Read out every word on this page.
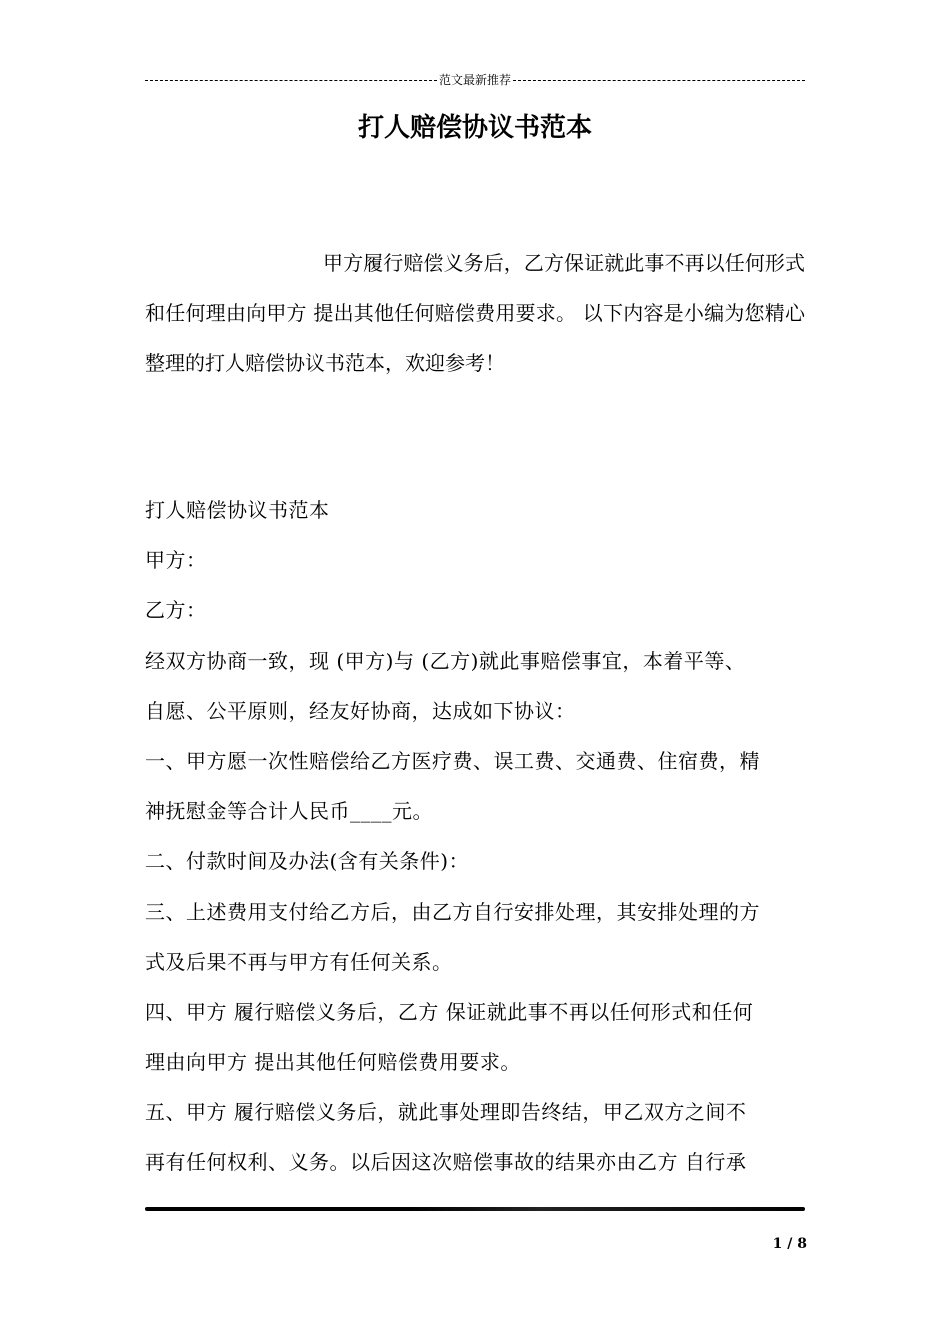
范文最新推荐
打人赔偿协议书范本
甲方履行赔偿义务后，乙方保证就此事不再以任何形式和任何理由向甲方 提出其他任何赔偿费用要求。 以下内容是小编为您精心整理的打人赔偿协议书范本，欢迎参考！
打人赔偿协议书范本
甲方：
乙方：
经双方协商一致，现 (甲方)与 (乙方)就此事赔偿事宜，本着平等、
自愿、公平原则，经友好协商，达成如下协议：
一、甲方愿一次性赔偿给乙方医疗费、误工费、交通费、住宿费，精
神抚慰金等合计人民币____元。
二、付款时间及办法(含有关条件)：
三、上述费用支付给乙方后，由乙方自行安排处理，其安排处理的方
式及后果不再与甲方有任何关系。
四、甲方 履行赔偿义务后，乙方 保证就此事不再以任何形式和任何
理由向甲方 提出其他任何赔偿费用要求。
五、甲方 履行赔偿义务后，就此事处理即告终结，甲乙双方之间不
再有任何权利、义务。以后因这次赔偿事故的结果亦由乙方 自行承
1 / 8
